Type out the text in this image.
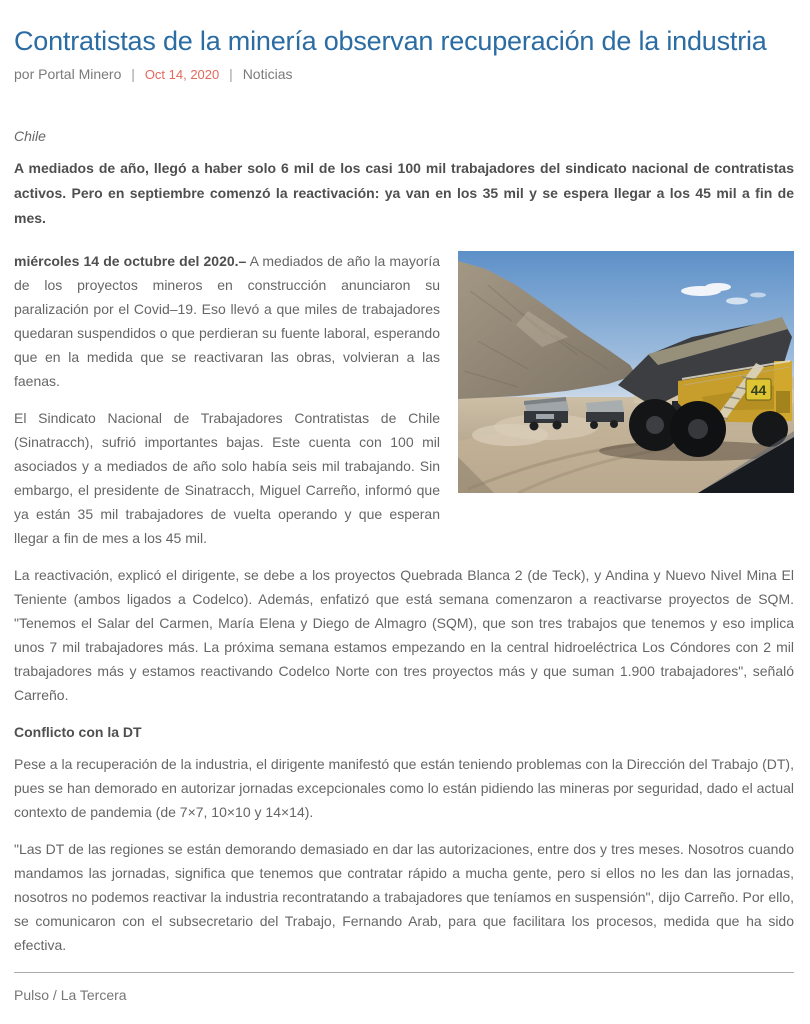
Contratistas de la minería observan recuperación de la industria
por Portal Minero | Oct 14, 2020 | Noticias
Chile

A mediados de año, llegó a haber solo 6 mil de los casi 100 mil trabajadores del sindicato nacional de contratistas activos. Pero en septiembre comenzó la reactivación: ya van en los 35 mil y se espera llegar a los 45 mil a fin de mes.

44

miércoles 14 de octubre del 2020.– A mediados de año la mayoría de los proyectos mineros en construcción anunciaron su paralización por el Covid–19. Eso llevó a que miles de trabajadores quedaran suspendidos o que perdieran su fuente laboral, esperando que en la medida que se reactivaran las obras, volvieran a las faenas.

El Sindicato Nacional de Trabajadores Contratistas de Chile (Sinatracch), sufrió importantes bajas. Este cuenta con 100 mil asociados y a mediados de año solo había seis mil trabajando. Sin embargo, el presidente de Sinatracch, Miguel Carreño, informó que ya están 35 mil trabajadores de vuelta operando y que esperan llegar a fin de mes a los 45 mil.

La reactivación, explicó el dirigente, se debe a los proyectos Quebrada Blanca 2 (de Teck), y Andina y Nuevo Nivel Mina El Teniente (ambos ligados a Codelco). Además, enfatizó que está semana comenzaron a reactivarse proyectos de SQM. "Tenemos el Salar del Carmen, María Elena y Diego de Almagro (SQM), que son tres trabajos que tenemos y eso implica unos 7 mil trabajadores más. La próxima semana estamos empezando en la central hidroeléctrica Los Cóndores con 2 mil trabajadores más y estamos reactivando Codelco Norte con tres proyectos más y que suman 1.900 trabajadores", señaló Carreño.

Conflicto con la DT

Pese a la recuperación de la industria, el dirigente manifestó que están teniendo problemas con la Dirección del Trabajo (DT), pues se han demorado en autorizar jornadas excepcionales como lo están pidiendo las mineras por seguridad, dado el actual contexto de pandemia (de 7×7, 10×10 y 14×14).

"Las DT de las regiones se están demorando demasiado en dar las autorizaciones, entre dos y tres meses. Nosotros cuando mandamos las jornadas, significa que tenemos que contratar rápido a mucha gente, pero si ellos no les dan las jornadas, nosotros no podemos reactivar la industria recontratando a trabajadores que teníamos en suspensión", dijo Carreño. Por ello, se comunicaron con el subsecretario del Trabajo, Fernando Arab, para que facilitara los procesos, medida que ha sido efectiva.

Pulso / La Tercera
